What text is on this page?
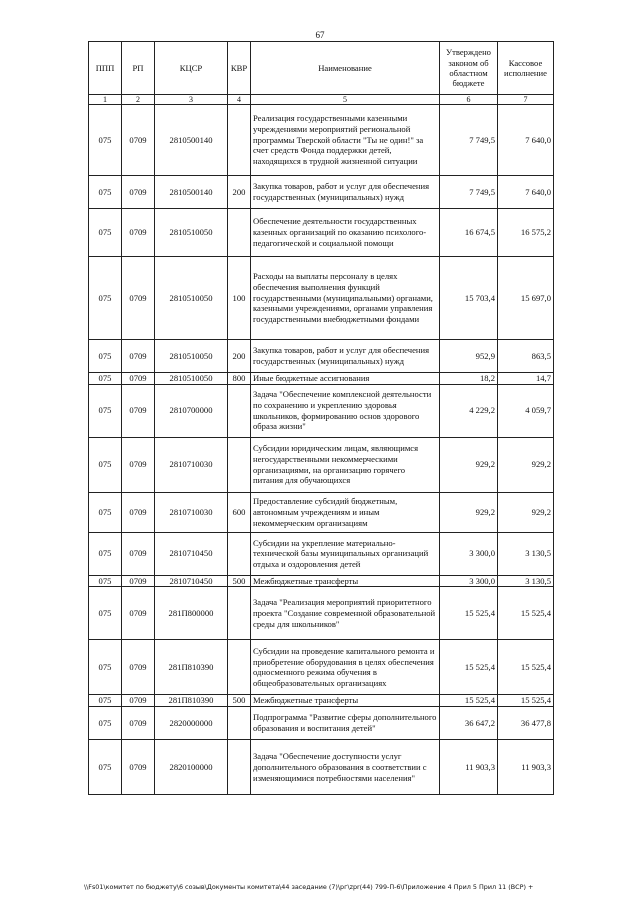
67
ППП	РП	КЦСР	КВР	Наименование	Утверждено законом об областном бюджете	Кассовое исполнение
1	2	3	4	5	6	7
075	0709	2810500140		Реализация государственными казенными учреждениями мероприятий региональной программы Тверской области "Ты не один!" за счет средств Фонда поддержки детей, находящихся в трудной жизненной ситуации	7 749,5	7 640,0
075	0709	2810500140	200	Закупка товаров, работ и услуг для обеспечения государственных (муниципальных) нужд	7 749,5	7 640,0
075	0709	2810510050		Обеспечение деятельности государственных казенных организаций по оказанию психолого-педагогической и социальной помощи	16 674,5	16 575,2
075	0709	2810510050	100	Расходы на выплаты персоналу в целях обеспечения выполнения функций государственными (муниципальными) органами, казенными учреждениями, органами управления государственными внебюджетными фондами	15 703,4	15 697,0
075	0709	2810510050	200	Закупка товаров, работ и услуг для обеспечения государственных (муниципальных) нужд	952,9	863,5
075	0709	2810510050	800	Иные бюджетные ассигнования	18,2	14,7
075	0709	2810700000		Задача "Обеспечение комплексной деятельности по сохранению и укреплению здоровья школьников, формированию основ здорового образа жизни"	4 229,2	4 059,7
075	0709	2810710030		Субсидии юридическим лицам, являющимся негосударственными некоммерческими организациями, на организацию горячего питания для обучающихся	929,2	929,2
075	0709	2810710030	600	Предоставление субсидий бюджетным, автономным учреждениям и иным некоммерческим организациям	929,2	929,2
075	0709	2810710450		Субсидии на укрепление материально-технической базы муниципальных организаций отдыха и оздоровления детей	3 300,0	3 130,5
075	0709	2810710450	500	Межбюджетные трансферты	3 300,0	3 130,5
075	0709	281П800000		Задача "Реализация мероприятий приоритетного проекта "Создание современной образовательной среды для школьников"	15 525,4	15 525,4
075	0709	281П810390		Субсидии на проведение капитального ремонта и приобретение оборудования в целях обеспечения односменного режима обучения в общеобразовательных организациях	15 525,4	15 525,4
075	0709	281П810390	500	Межбюджетные трансферты	15 525,4	15 525,4
075	0709	2820000000		Подпрограмма "Развитие сферы дополнительного образования и воспитания детей"	36 647,2	36 477,8
075	0709	2820100000		Задача "Обеспечение доступности услуг дополнительного образования в соответствии с изменяющимися потребностями населения"	11 903,3	11 903,3
\\Fs01\комитет по бюджету\6 созыв\Документы комитета\44 заседание (7)\рг\zpr(44) 799-П-6\Приложение 4 Прил 5 Прил 11 (ВСР) +
